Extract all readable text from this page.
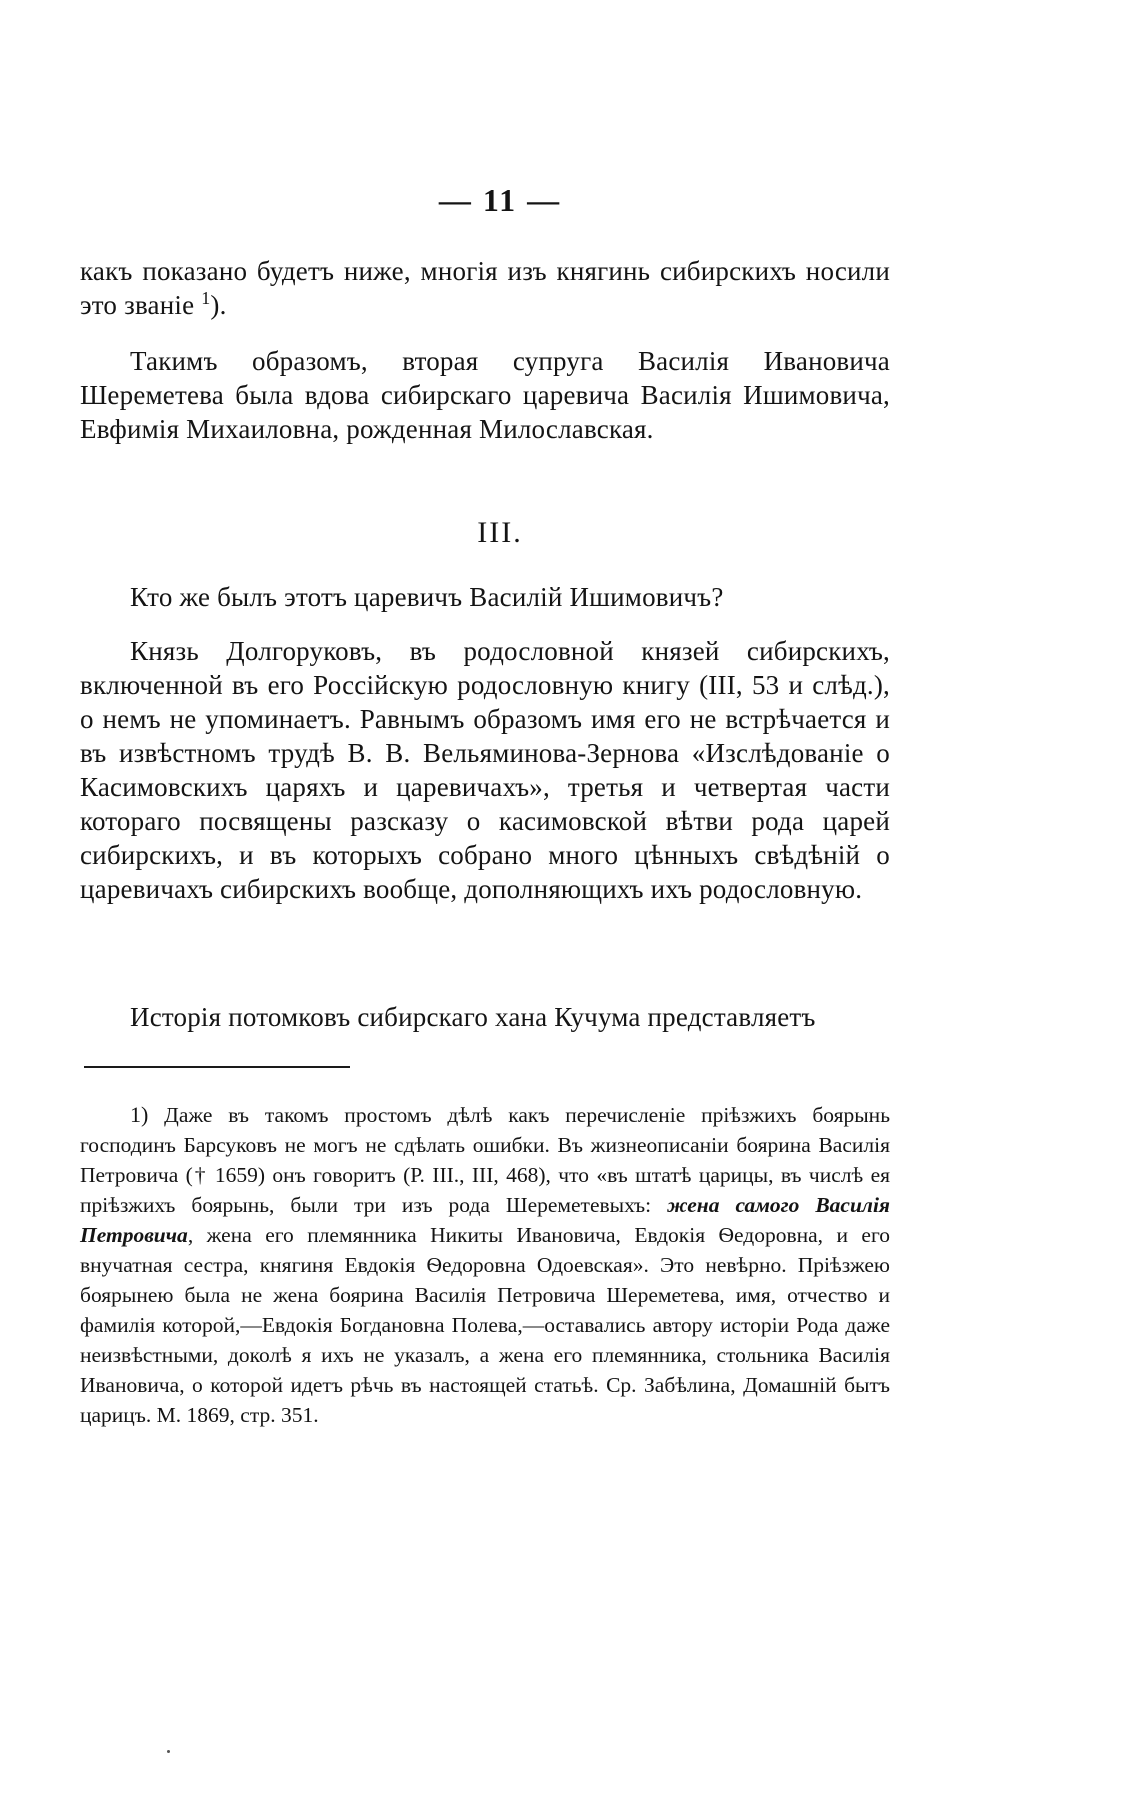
— 11 —

какъ показано будетъ ниже, многія изъ княгинь сибирскихъ носили это званіе $^1$).

Такимъ образомъ, вторая супруга Василія Ивановича Шереметева была вдова сибирскаго царевича Василія Ишимовича, Евфимія Михаиловна, рожденная Милославская.

III.

Кто же былъ этотъ царевичъ Василій Ишимовичъ?

Князь Долгоруковъ, въ родословной князей сибирскихъ, включенной въ его Россійскую родословную книгу (III, 53 и слѣд.), о немъ не упоминаетъ. Равнымъ образомъ имя его не встрѣчается и въ извѣстномъ трудѣ В. В. Вельяминова-Зернова «Изслѣдованіе о Касимовскихъ царяхъ и царевичахъ», третья и четвертая части котораго посвящены разсказу о касимовской вѣтви рода царей сибирскихъ, и въ которыхъ собрано много цѣнныхъ свѣдѣній о царевичахъ сибирскихъ вообще, дополняющихъ ихъ родословную.

Исторія потомковъ сибирскаго хана Кучума представляетъ

1) Даже въ такомъ простомъ дѣлѣ какъ перечисленіе пріѣзжихъ боярынь господинъ Барсуковъ не могъ не сдѣлать ошибки. Въ жизнеописаніи боярина Василія Петровича († 1659) онъ говоритъ (Р. III., III, 468), что «въ штатѣ царицы, въ числѣ ея пріѣзжихъ боярынь, были три изъ рода Шереметевыхъ: жена самого Василія Петровича, жена его племянника Никиты Ивановича, Евдокія Ѳедоровна, и его внучатная сестра, княгиня Евдокія Ѳедоровна Одоевская». Это невѣрно. Пріѣзжею боярынею была не жена боярина Василія Петровича Шереметева, имя, отчество и фамилія которой,—Евдокія Богдановна Полева,—оставались автору исторіи Рода даже неизвѣстными, доколѣ я ихъ не указалъ, а жена его племянника, стольника Василія Ивановича, о которой идетъ рѣчь въ настоящей статьѣ. Ср. Забѣлина, Домашній бытъ царицъ. М. 1869, стр. 351.
